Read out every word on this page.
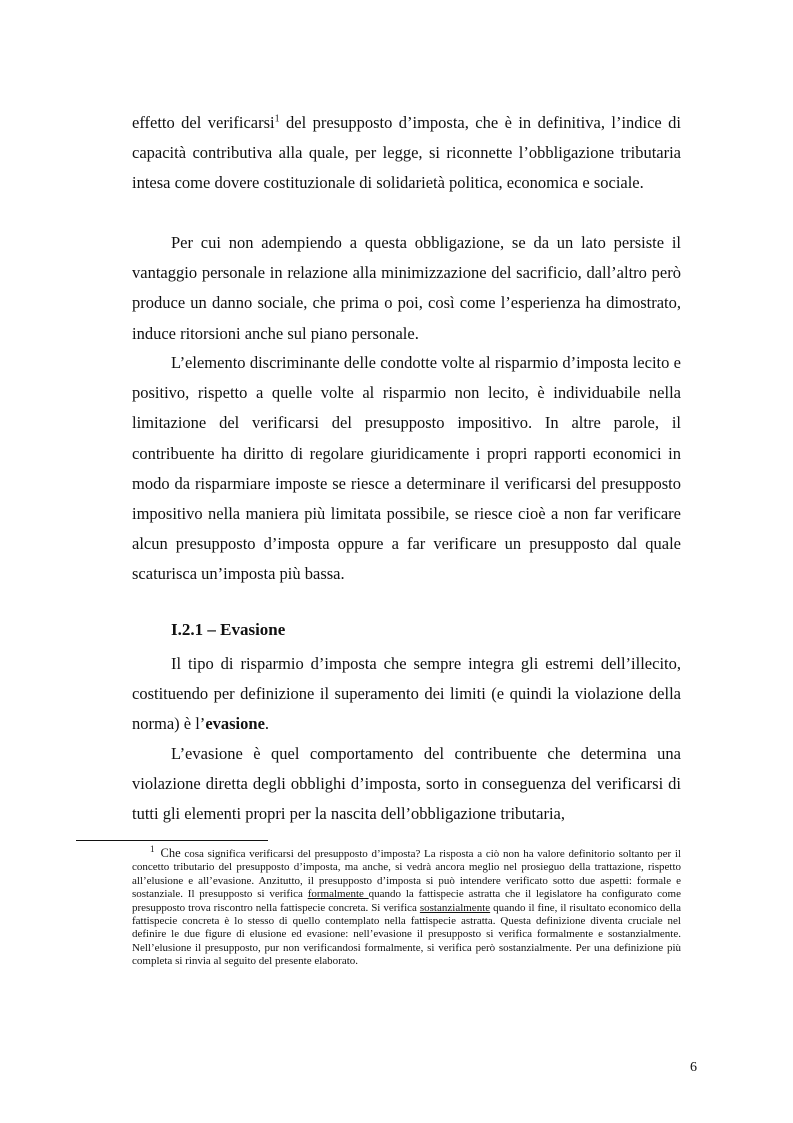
effetto del verificarsi$^1$ del presupposto d’imposta, che è in definitiva, l’indice di capacità contributiva alla quale, per legge, si riconnette l’obbligazione tributaria intesa come dovere costituzionale di solidarietà politica, economica e sociale.

Per cui non adempiendo a questa obbligazione, se da un lato persiste il vantaggio personale in relazione alla minimizzazione del sacrificio, dall’altro però produce un danno sociale, che prima o poi, così come l’esperienza ha dimostrato, induce ritorsioni anche sul piano personale.

L’elemento discriminante delle condotte volte al risparmio d’imposta lecito e positivo, rispetto a quelle volte al risparmio non lecito, è individuabile nella limitazione del verificarsi del presupposto impositivo. In altre parole, il contribuente ha diritto di regolare giuridicamente i propri rapporti economici in modo da risparmiare imposte se riesce a determinare il verificarsi del presupposto impositivo nella maniera più limitata possibile, se riesce cioè a non far verificare alcun presupposto d’imposta oppure a far verificare un presupposto dal quale scaturisca un’imposta più bassa.

I.2.1 – Evasione

Il tipo di risparmio d’imposta che sempre integra gli estremi dell’illecito, costituendo per definizione il superamento dei limiti (e quindi la violazione della norma) è l’evasione.

L’evasione è quel comportamento del contribuente che determina una violazione diretta degli obblighi d’imposta, sorto in conseguenza del verificarsi di tutti gli elementi propri per la nascita dell’obbligazione tributaria,

$^1$ Che cosa significa verificarsi del presupposto d’imposta? La risposta a ciò non ha valore definitorio soltanto per il concetto tributario del presupposto d’imposta, ma anche, si vedrà ancora meglio nel prosieguo della trattazione, rispetto all’elusione e all’evasione. Anzitutto, il presupposto d’imposta si può intendere verificato sotto due aspetti: formale e sostanziale. Il presupposto si verifica formalmente quando la fattispecie astratta che il legislatore ha configurato come presupposto trova riscontro nella fattispecie concreta. Si verifica sostanzialmente quando il fine, il risultato economico della fattispecie concreta è lo stesso di quello contemplato nella fattispecie astratta. Questa definizione diventa cruciale nel definire le due figure di elusione ed evasione: nell’evasione il presupposto si verifica formalmente e sostanzialmente. Nell’elusione il presupposto, pur non verificandosi formalmente, si verifica però sostanzialmente. Per una definizione più completa si rinvia al seguito del presente elaborato.

6
